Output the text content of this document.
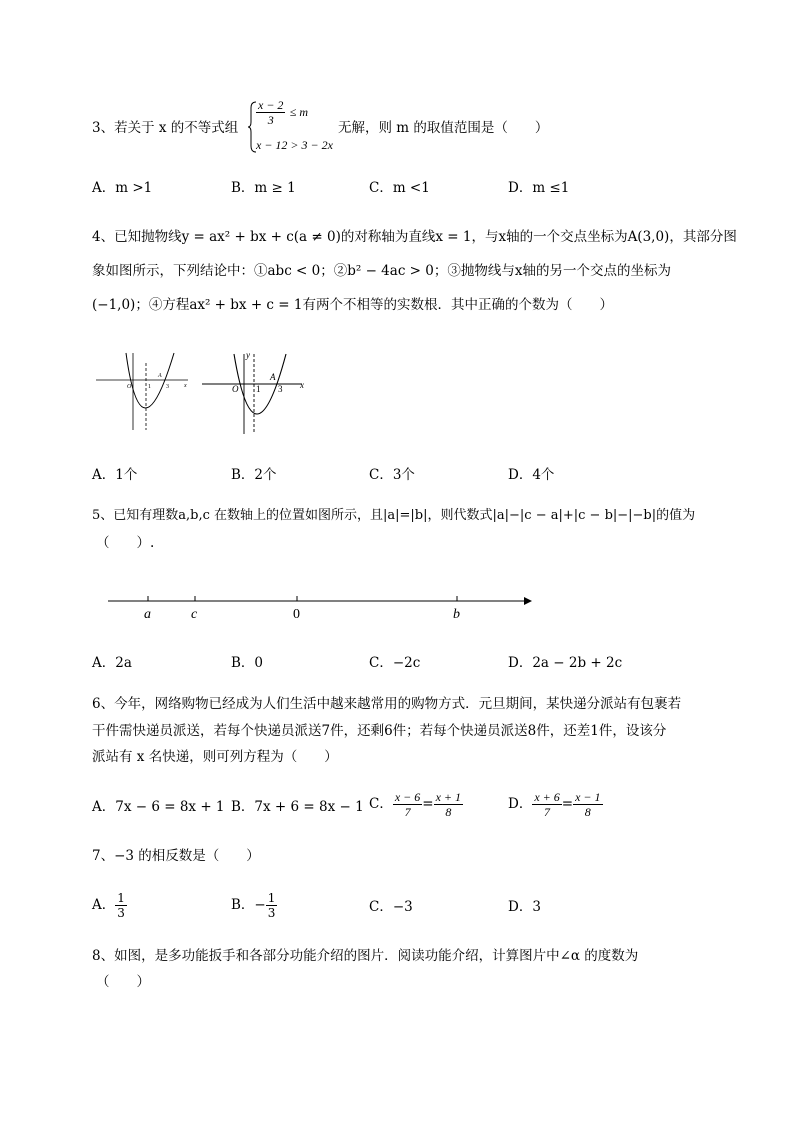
3、若关于 x 的不等式组
$\frac{x - 2}{3} \le m$
x − 12 > 3 − 2x
无解，则 m 的取值范围是（　　）
A．m >1	B．m ≥ 1	C．m <1	D．m ≤1
4、已知抛物线y = ax² + bx + c(a ≠ 0)的对称轴为直线x = 1，与x轴的一个交点坐标为A(3,0)，其部分图
象如图所示，下列结论中：①abc < 0；②b² − 4ac > 0；③抛物线与x轴的另一个交点的坐标为
(−1,0)；④方程ax² + bx + c = 1有两个不相等的实数根．其中正确的个数为（　　）
O	1	3
A
x
y
O 1 3
A
x
A．1个	B．2个	C．3个	D．4个
5、已知有理数a,b,c 在数轴上的位置如图所示，且|a|=|b|，则代数式|a|−|c − a|+|c − b|−|−b|的值为
（　　）.
a	c	0	b
A．2a	B．0	C．−2c	D．2a − 2b + 2c
6、今年，网络购物已经成为人们生活中越来越常用的购物方式．元旦期间，某快递分派站有包裹若
干件需快递员派送，若每个快递员派送7件，还剩6件；若每个快递员派送8件，还差1件，设该分
派站有 x 名快递，则可列方程为（　　）
A．7x − 6 = 8x + 1 B．7x + 6 = 8x − 1 C． $\frac{x - 6}{7} = \frac{x + 1}{8}$	D． $\frac{x + 6}{7} = \frac{x - 1}{8}$
7、−3 的相反数是（　　）
A． $\frac{1}{3}$	B．− $\frac{1}{3}$	C．−3	D．3
8、如图，是多功能扳手和各部分功能介绍的图片．阅读功能介绍，计算图片中∠α 的度数为
（　　）
